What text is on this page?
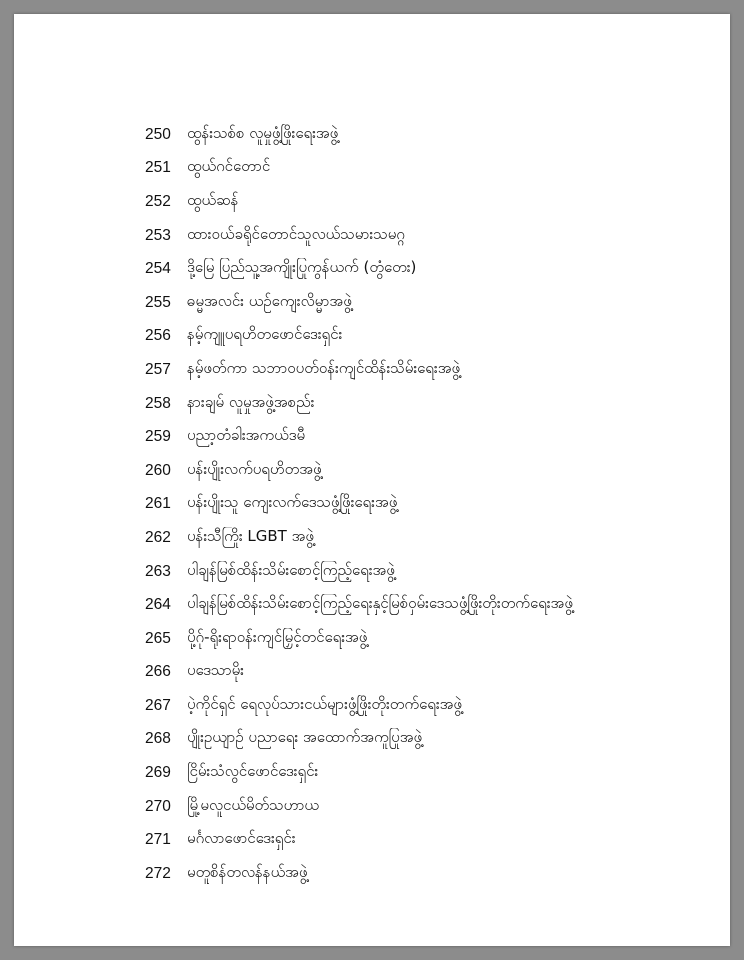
250	ထွန်းသစ်စ လူမှုဖွံ့ဖြိုးရေးအဖွဲ့
251	ထွယ်ဂင်တောင်
252	ထွယ်ဆန်
253	ထားဝယ်ခရိုင်တောင်သူလယ်သမားသမဂ္ဂ
254	ဒို့မြေ ပြည်သူ့အကျိုးပြုကွန်ယက် (တွံတေး)
255	ဓမ္မအလင်း ယဉ်ကျေးလိမ္မာအဖွဲ့
256	နမ့်ကျူပရဟိတဖောင်ဒေးရှင်း
257	နမ့်ဖတ်ကာ သဘာဝပတ်ဝန်းကျင်ထိန်းသိမ်းရေးအဖွဲ့
258	နားချမ် လူမှုအဖွဲ့အစည်း
259	ပညာ့တံခါးအကယ်ဒမီ
260	ပန်းပျိုးလက်ပရဟိတအဖွဲ့
261	ပန်းပျိုးသူ ကျေးလက်ဒေသဖွံ့ဖြိုးရေးအဖွဲ့
262	ပန်းသီကြိုး LGBT အဖွဲ့
263	ပါချန်မြစ်ထိန်းသိမ်းစောင့်ကြည့်ရေးအဖွဲ့
264	ပါချန်မြစ်ထိန်းသိမ်းစောင့်ကြည့်ရေးနှင့်မြစ်ဝှမ်းဒေသဖွံ့ဖြိုးတိုးတက်ရေးအဖွဲ့
265	ပို့ဂ်ု-ရိုးရာဝန်းကျင်မြှင့်တင်ရေးအဖွဲ့
266	ပဒေသာမိုး
267	ပဲ့ကိုင်ရှင် ရေလုပ်သားငယ်များဖွံ့ဖြိုးတိုးတက်ရေးအဖွဲ့
268	ပျိုးဥယျာဉ် ပညာရေး အထောက်အကူပြုအဖွဲ့
269	ငြိမ်းသံလွင်ဖောင်ဒေးရှင်း
270	မြို့မလူငယ်မိတ်သဟာယ
271	မင်္ဂလာဖောင်ဒေးရှင်း
272	မတူစိန်တလန်နယ်အဖွဲ့
